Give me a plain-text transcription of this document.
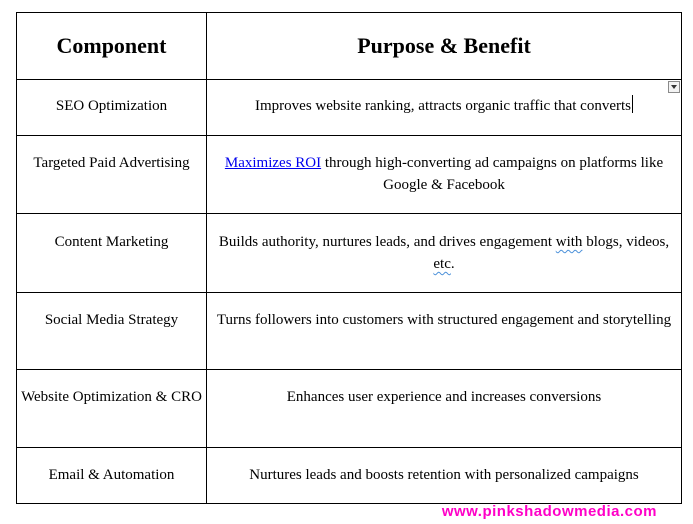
Component	Purpose & Benefit
SEO Optimization	Improves website ranking, attracts organic traffic that converts

Targeted Paid Advertising	Maximizes ROI through high-converting ad campaigns on platforms like Google & Facebook
Content Marketing	Builds authority, nurtures leads, and drives engagement with blogs, videos, etc.
Social Media Strategy	Turns followers into customers with structured engagement and storytelling
Website Optimization & CRO	Enhances user experience and increases conversions
Email & Automation	Nurtures leads and boosts retention with personalized campaigns
www.pinkshadowmedia.com
